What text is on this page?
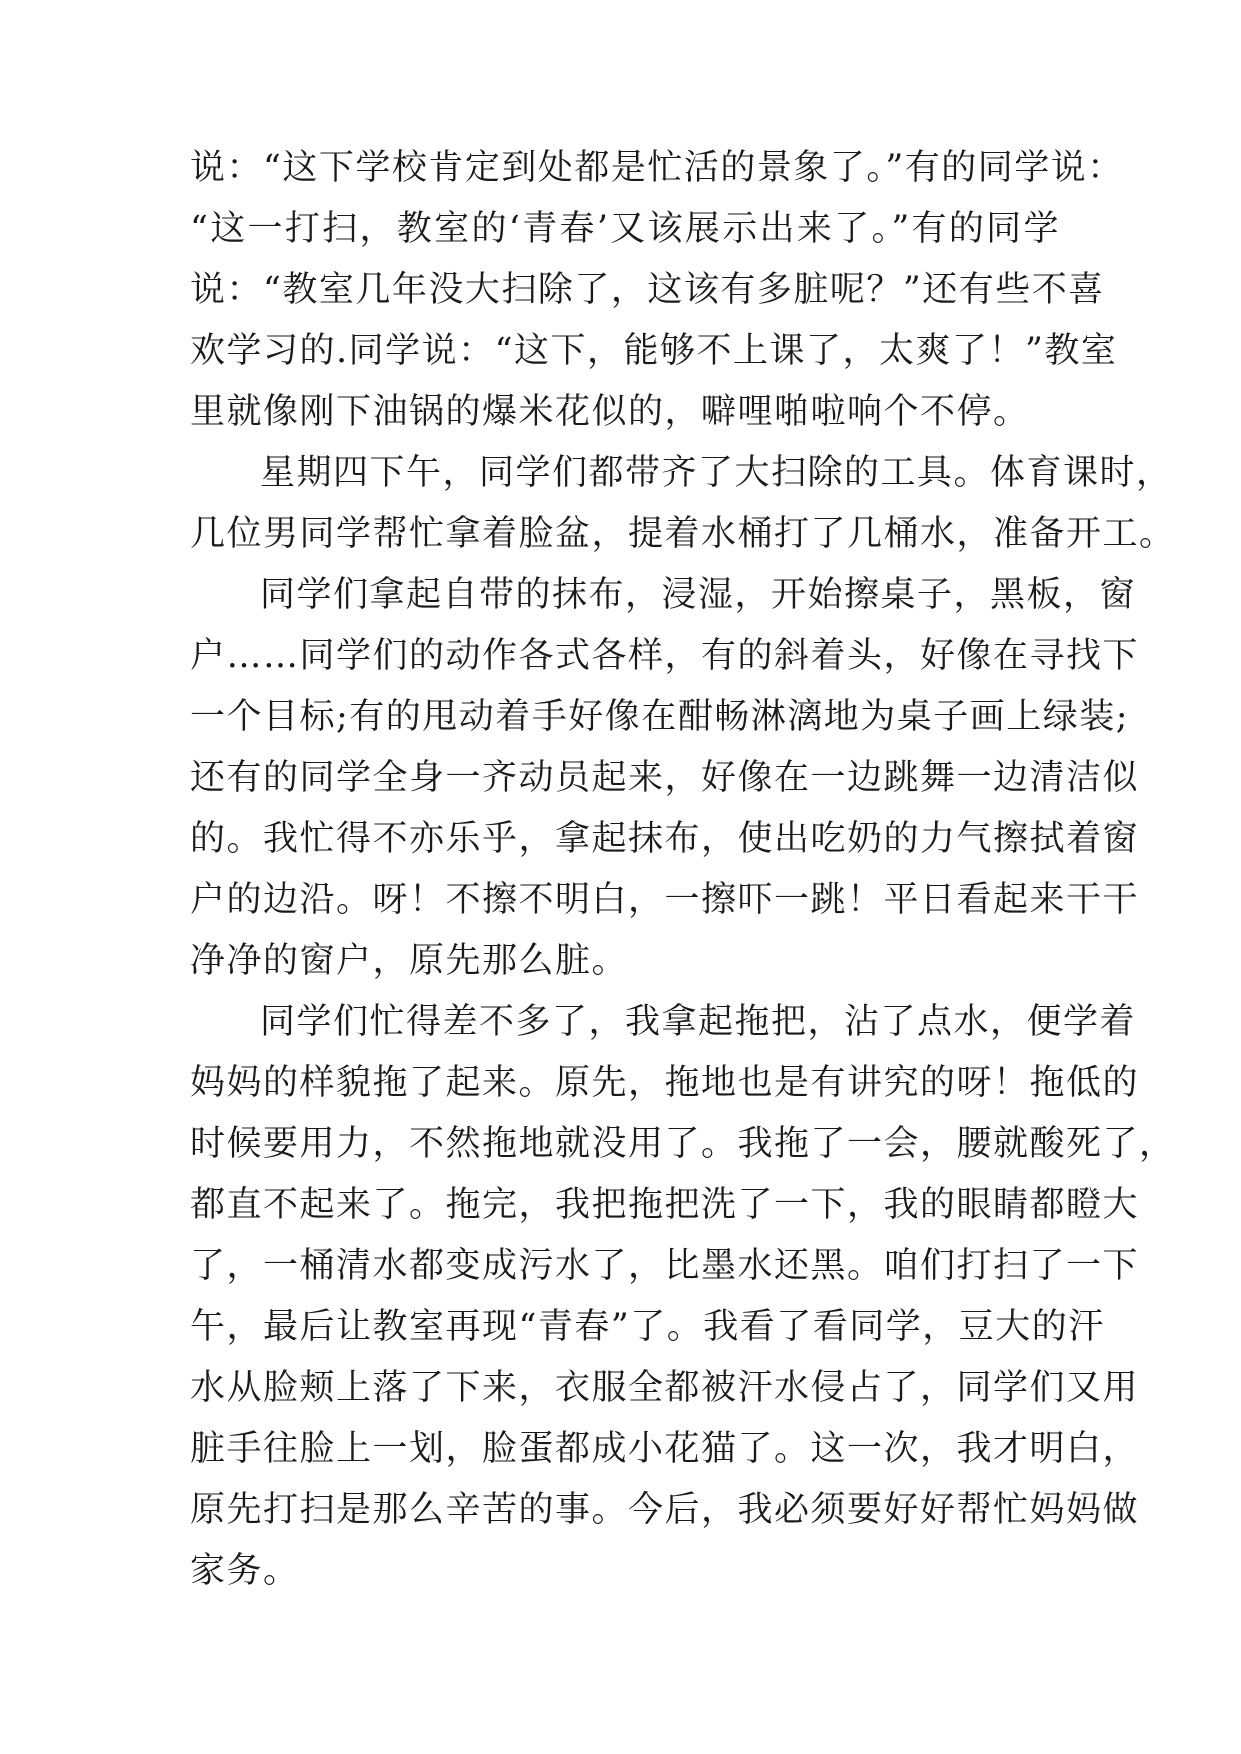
说：“这下学校肯定到处都是忙活的景象了。”有的同学说：
“这一打扫，教室的‘青春’又该展示出来了。”有的同学
说：“教室几年没大扫除了，这该有多脏呢？”还有些不喜
欢学习的.同学说：“这下，能够不上课了，太爽了！”教室
里就像刚下油锅的爆米花似的，噼哩啪啦响个不停。
星期四下午，同学们都带齐了大扫除的工具。体育课时，
几位男同学帮忙拿着脸盆，提着水桶打了几桶水，准备开工。
同学们拿起自带的抹布，浸湿，开始擦桌子，黑板，窗
户……同学们的动作各式各样，有的斜着头，好像在寻找下
一个目标;有的甩动着手好像在酣畅淋漓地为桌子画上绿装;
还有的同学全身一齐动员起来，好像在一边跳舞一边清洁似
的。我忙得不亦乐乎，拿起抹布，使出吃奶的力气擦拭着窗
户的边沿。呀！不擦不明白，一擦吓一跳！平日看起来干干
净净的窗户，原先那么脏。
同学们忙得差不多了，我拿起拖把，沾了点水，便学着
妈妈的样貌拖了起来。原先，拖地也是有讲究的呀！拖低的
时候要用力，不然拖地就没用了。我拖了一会，腰就酸死了，
都直不起来了。拖完，我把拖把洗了一下，我的眼睛都瞪大
了，一桶清水都变成污水了，比墨水还黑。咱们打扫了一下
午，最后让教室再现“青春”了。我看了看同学，豆大的汗
水从脸颊上落了下来，衣服全都被汗水侵占了，同学们又用
脏手往脸上一划，脸蛋都成小花猫了。这一次，我才明白，
原先打扫是那么辛苦的事。今后，我必须要好好帮忙妈妈做
家务。
